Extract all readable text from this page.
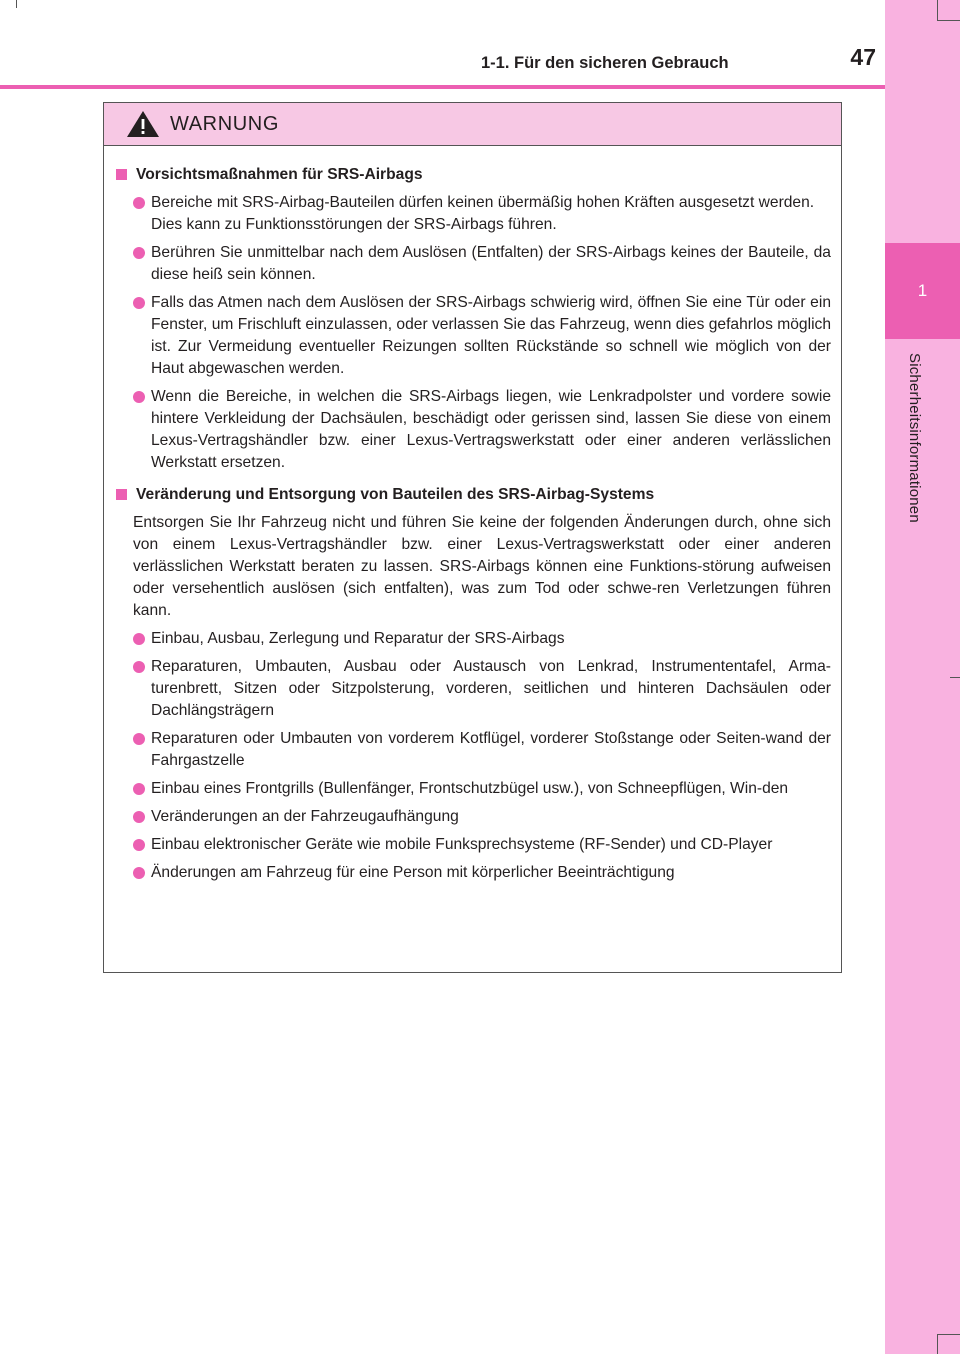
1
Sicherheitsinformationen
1-1. Für den sicheren Gebrauch	47
WARNUNG
Vorsichtsmaßnahmen für SRS-Airbags
Bereiche mit SRS-Airbag-Bauteilen dürfen keinen übermäßig hohen Kräften ausgesetzt werden.
Dies kann zu Funktionsstörungen der SRS-Airbags führen.
Berühren Sie unmittelbar nach dem Auslösen (Entfalten) der SRS-Airbags keines der Bauteile, da diese heiß sein können.
Falls das Atmen nach dem Auslösen der SRS-Airbags schwierig wird, öffnen Sie eine Tür oder ein Fenster, um Frischluft einzulassen, oder verlassen Sie das Fahrzeug, wenn dies gefahrlos möglich ist. Zur Vermeidung eventueller Reizungen sollten Rückstände so schnell wie möglich von der Haut abgewaschen werden.
Wenn die Bereiche, in welchen die SRS-Airbags liegen, wie Lenkradpolster und vordere sowie hintere Verkleidung der Dachsäulen, beschädigt oder gerissen sind, lassen Sie diese von einem Lexus-Vertragshändler bzw. einer Lexus-Vertragswerkstatt oder einer anderen verlässlichen Werkstatt ersetzen.
Veränderung und Entsorgung von Bauteilen des SRS-Airbag-Systems
Entsorgen Sie Ihr Fahrzeug nicht und führen Sie keine der folgenden Änderungen durch, ohne sich von einem Lexus-Vertragshändler bzw. einer Lexus-Vertragswerkstatt oder einer anderen verlässlichen Werkstatt beraten zu lassen. SRS-Airbags können eine Funktions-störung aufweisen oder versehentlich auslösen (sich entfalten), was zum Tod oder schwe-ren Verletzungen führen kann.
Einbau, Ausbau, Zerlegung und Reparatur der SRS-Airbags
Reparaturen, Umbauten, Ausbau oder Austausch von Lenkrad, Instrumententafel, Arma-turenbrett, Sitzen oder Sitzpolsterung, vorderen, seitlichen und hinteren Dachsäulen oder Dachlängsträgern
Reparaturen oder Umbauten von vorderem Kotflügel, vorderer Stoßstange oder Seiten-wand der Fahrgastzelle
Einbau eines Frontgrills (Bullenfänger, Frontschutzbügel usw.), von Schneepflügen, Win-den
Veränderungen an der Fahrzeugaufhängung
Einbau elektronischer Geräte wie mobile Funksprechsysteme (RF-Sender) und CD-Player
Änderungen am Fahrzeug für eine Person mit körperlicher Beeinträchtigung
